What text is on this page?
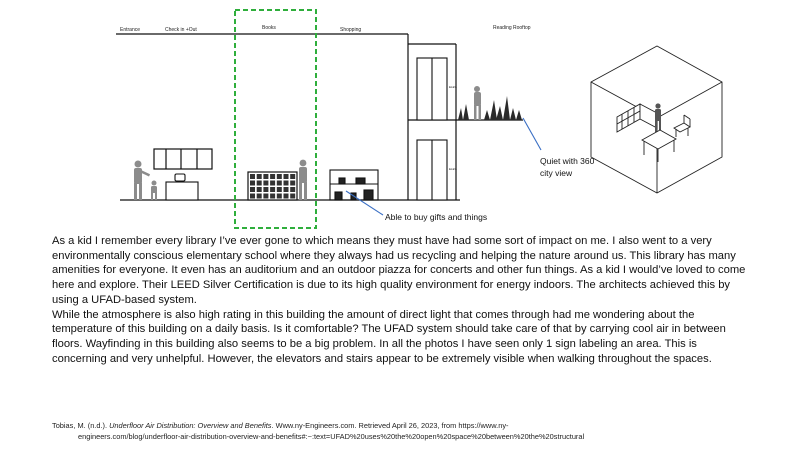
Entrance	Check in +Out	Books	Shopping	Reading Rooftop
ELEV.
ELEV.
Able to buy gifts and things
Quiet with 360
city view

As a kid I remember every library I’ve ever gone to which means they must have had some sort of impact on me. I also went to a very environmentally conscious elementary school where they always had us recycling and helping the nature around us. This library has many amenities for everyone. It even has an auditorium and an outdoor piazza for concerts and other fun things. As a kid I would’ve loved to come here and explore. Their LEED Silver Certification is due to its high quality environment for energy indoors. The architects achieved this by using a UFAD-based system.

While the atmosphere is also high rating in this building the amount of direct light that comes through had me wondering about the temperature of this building on a daily basis. Is it comfortable? The UFAD system should take care of that by carrying cool air in between floors. Wayfinding in this building also seems to be a big problem. In all the photos I have seen only 1 sign labeling an area. This is concerning and very unhelpful. However, the elevators and stairs appear to be extremely visible when walking throughout the spaces.

Tobias, M. (n.d.). Underfloor Air Distribution: Overview and Benefits. Www.ny-Engineers.com. Retrieved April 26, 2023, from https://www.ny-
engineers.com/blog/underfloor-air-distribution-overview-and-benefits#:~:text=UFAD%20uses%20the%20open%20space%20between%20the%20structural
